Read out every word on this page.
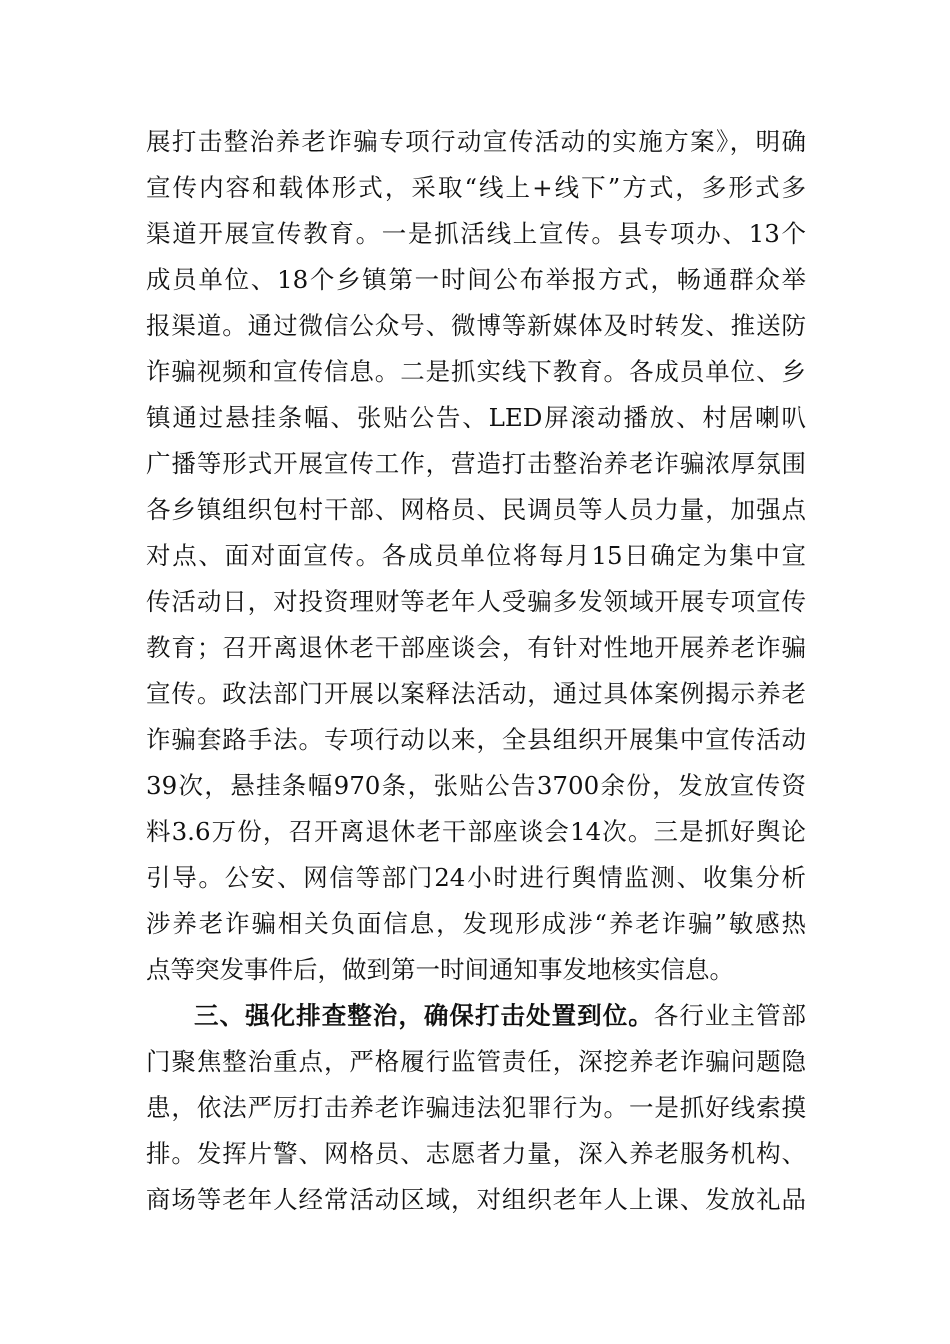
展打击整治养老诈骗专项行动宣传活动的实施方案》，明确
宣传内容和载体形式，采取“线上+线下”方式，多形式多
渠道开展宣传教育。一是抓活线上宣传。县专项办、13个
成员单位、18个乡镇第一时间公布举报方式，畅通群众举
报渠道。通过微信公众号、微博等新媒体及时转发、推送防
诈骗视频和宣传信息。二是抓实线下教育。各成员单位、乡
镇通过悬挂条幅、张贴公告、LED屏滚动播放、村居喇叭
广播等形式开展宣传工作，营造打击整治养老诈骗浓厚氛围
各乡镇组织包村干部、网格员、民调员等人员力量，加强点
对点、面对面宣传。各成员单位将每月15日确定为集中宣
传活动日，对投资理财等老年人受骗多发领域开展专项宣传
教育；召开离退休老干部座谈会，有针对性地开展养老诈骗
宣传。政法部门开展以案释法活动，通过具体案例揭示养老
诈骗套路手法。专项行动以来，全县组织开展集中宣传活动
39次，悬挂条幅970条，张贴公告3700余份，发放宣传资
料3.6万份，召开离退休老干部座谈会14次。三是抓好舆论
引导。公安、网信等部门24小时进行舆情监测、收集分析
涉养老诈骗相关负面信息，发现形成涉“养老诈骗”敏感热
点等突发事件后，做到第一时间通知事发地核实信息。
三、强化排查整治，确保打击处置到位。各行业主管部
门聚焦整治重点，严格履行监管责任，深挖养老诈骗问题隐
患，依法严厉打击养老诈骗违法犯罪行为。一是抓好线索摸
排。发挥片警、网格员、志愿者力量，深入养老服务机构、
商场等老年人经常活动区域，对组织老年人上课、发放礼品
